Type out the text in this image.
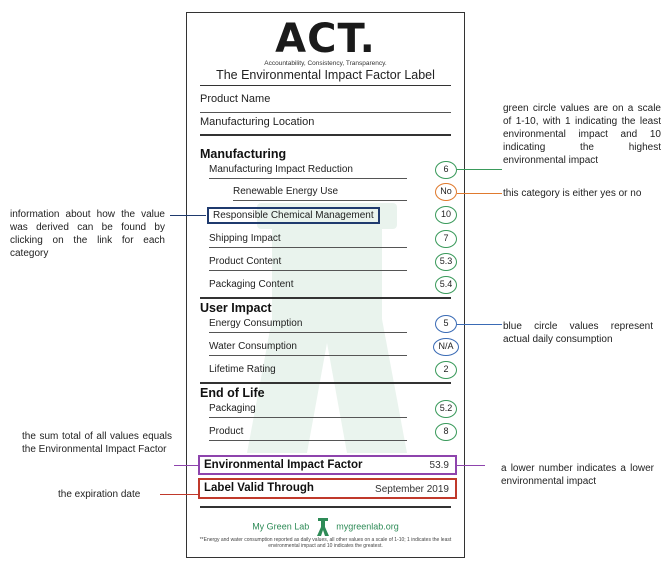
ACT.
Accountability, Consistency, Transparency.
The Environmental Impact Factor Label
Product Name
Manufacturing Location
Manufacturing
Manufacturing Impact Reduction	6
Renewable Energy Use	No
Responsible Chemical Management	10
Shipping Impact	7
Product Content	5.3
Packaging Content	5.4
User Impact
Energy Consumption	5
Water Consumption	N/A
Lifetime Rating	2
End of Life
Packaging	5.2
Product	8
Environmental Impact Factor	53.9
Label Valid Through	September 2019
My Green Lab	mygreenlab.org
**Energy and water consumption reported as daily values, all other values on a scale of 1-10; 1 indicates the least environmental impact and 10 indicates the greatest.
green circle values are on a scale of 1-10, with 1 indicating the least environmental impact and 10 indicating the highest environmental impact
this category is either yes or no
information about how the value was derived can be found by clicking on the link for each category
blue circle values represent actual daily consumption
the sum total of all values equals the Environmental Impact Factor
a lower number indicates a lower environmental impact
the expiration date
